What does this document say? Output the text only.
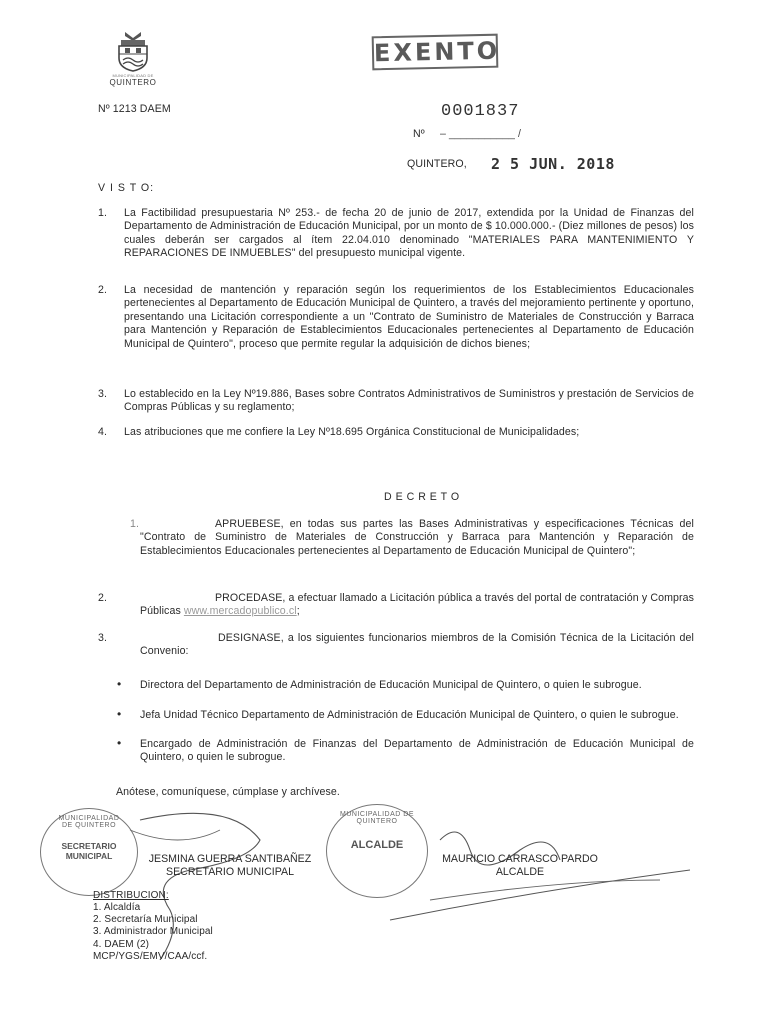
MUNICIPALIDAD DE
QUINTERO
EXENTO
Nº 1213 DAEM	0001837
Nº – ___________ /
QUINTERO, 2 5 JUN. 2018
V I S T O:
1. La Factibilidad presupuestaria Nº 253.- de fecha 20 de junio de 2017, extendida por la Unidad de Finanzas del Departamento de Administración de Educación Municipal, por un monto de $ 10.000.000.- (Diez millones de pesos) los cuales deberán ser cargados al ítem 22.04.010 denominado "MATERIALES PARA MANTENIMIENTO Y REPARACIONES DE INMUEBLES" del presupuesto municipal vigente.
2. La necesidad de mantención y reparación según los requerimientos de los Establecimientos Educacionales pertenecientes al Departamento de Educación Municipal de Quintero, a través del mejoramiento pertinente y oportuno, presentando una Licitación correspondiente a un "Contrato de Suministro de Materiales de Construcción y Barraca para Mantención y Reparación de Establecimientos Educacionales pertenecientes al Departamento de Educación Municipal de Quintero", proceso que permite regular la adquisición de dichos bienes;
3. Lo establecido en la Ley Nº19.886, Bases sobre Contratos Administrativos de Suministros y prestación de Servicios de Compras Públicas y su reglamento;
4. Las atribuciones que me confiere la Ley Nº18.695 Orgánica Constitucional de Municipalidades;
D E C R E T O
1.	APRUEBESE, en todas sus partes las Bases Administrativas y especificaciones Técnicas del "Contrato de Suministro de Materiales de Construcción y Barraca para Mantención y Reparación de Establecimientos Educacionales pertenecientes al Departamento de Educación Municipal de Quintero";
2.	PROCEDASE, a efectuar llamado a Licitación pública a través del portal de contratación y Compras Públicas www.mercadopublico.cl;
3.	DESIGNASE, a los siguientes funcionarios miembros de la Comisión Técnica de la Licitación del Convenio:
• Directora del Departamento de Administración de Educación Municipal de Quintero, o quien le subrogue.
• Jefa Unidad Técnico Departamento de Administración de Educación Municipal de Quintero, o quien le subrogue.
• Encargado de Administración de Finanzas del Departamento de Administración de Educación Municipal de Quintero, o quien le subrogue.
Anótese, comuníquese, cúmplase y archívese.
MUNICIPALIDAD DE QUINTERO
SECRETARIO MUNICIPAL	JESMINA GUERRA SANTIBAÑEZ
SECRETARIO MUNICIPAL
MUNICIPALIDAD DE QUINTERO
ALCALDE
MAURICIO CARRASCO PARDO
ALCALDE
DISTRIBUCION:
1. Alcaldía
2. Secretaría Municipal
3. Administrador Municipal
4. DAEM (2)
MCP/YGS/EMV/CAA/ccf.
